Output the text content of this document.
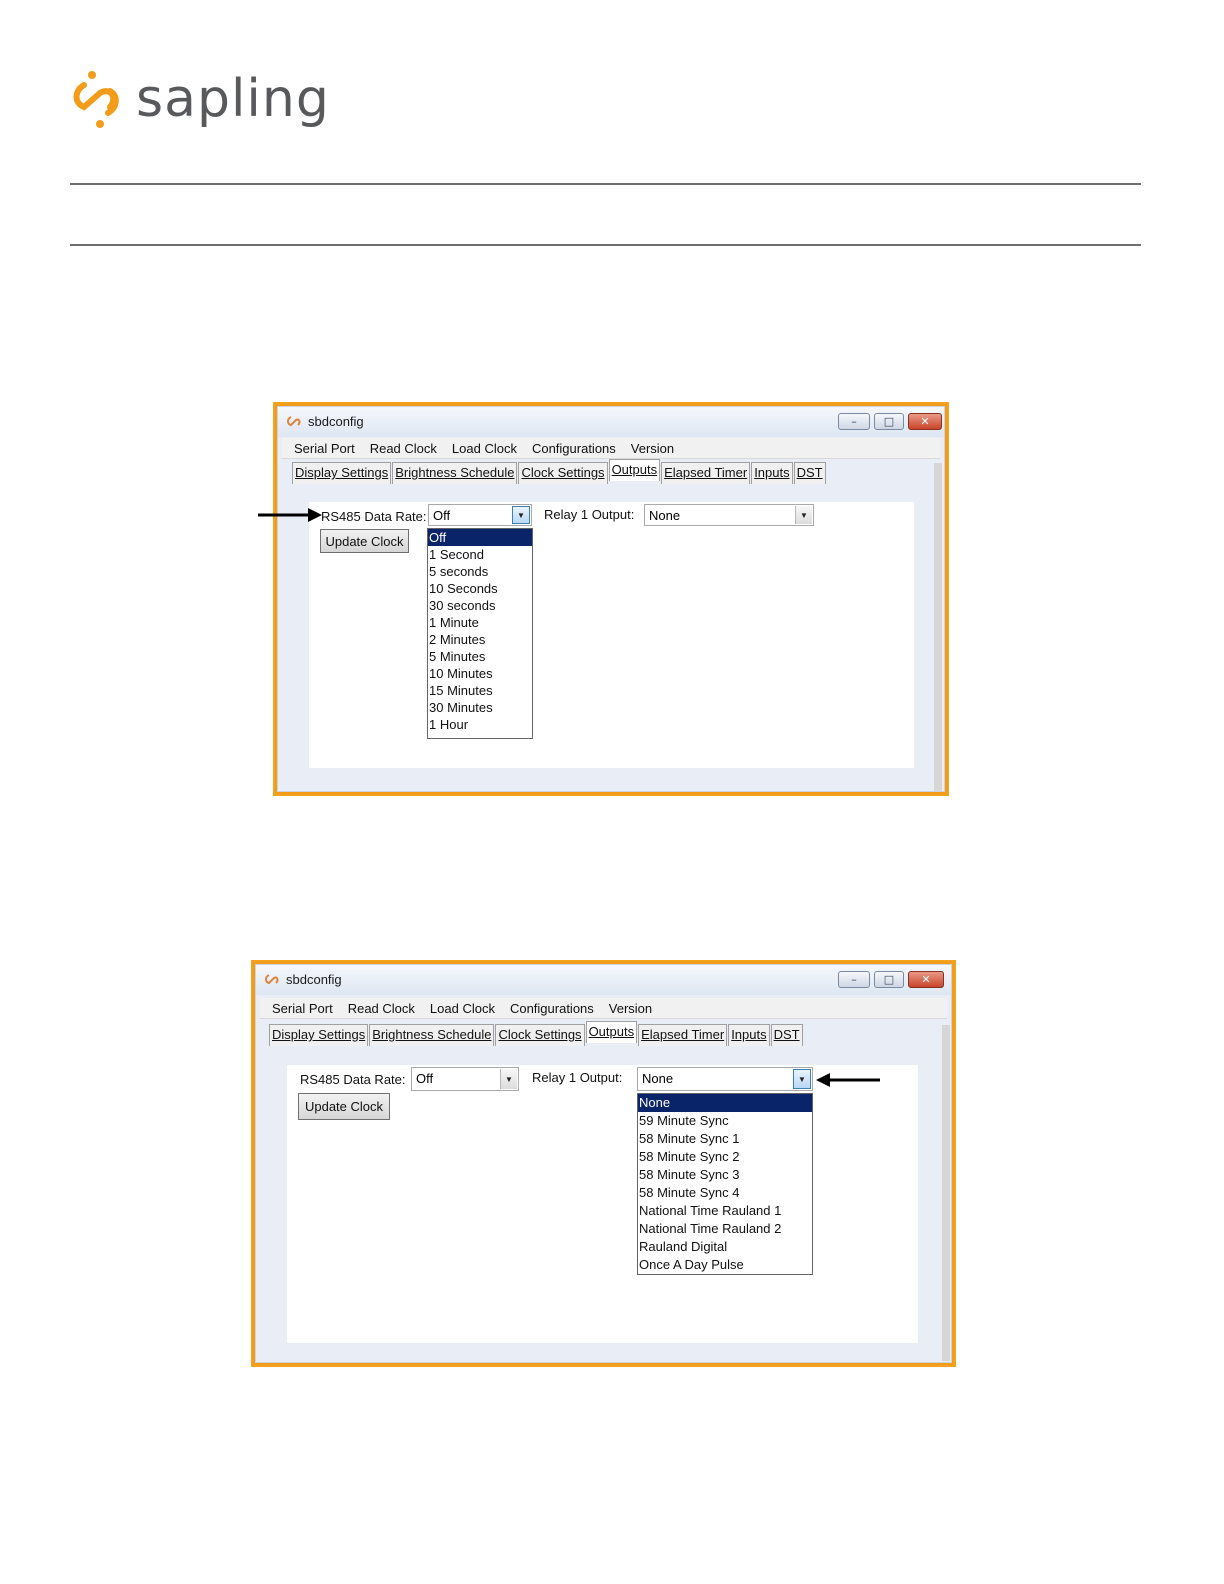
sapling
sbdconfig	–	□	✕
Serial Port Read Clock Load Clock Configurations Version
Display Settings Brightness Schedule Clock Settings Outputs Elapsed Timer Inputs DST
RS485 Data Rate: Off	▼	Relay 1 Output: None	▼
Update Clock	Off
1 Second
5 seconds
10 Seconds
30 seconds
1 Minute
2 Minutes
5 Minutes
10 Minutes
15 Minutes
30 Minutes
1 Hour
sbdconfig	–	□	✕
Serial Port Read Clock Load Clock Configurations Version
Display Settings Brightness Schedule Clock Settings Outputs Elapsed Timer Inputs DST
RS485 Data Rate: Off	▼	Relay 1 Output: None	▼
Update Clock	None
59 Minute Sync
58 Minute Sync 1
58 Minute Sync 2
58 Minute Sync 3
58 Minute Sync 4
National Time Rauland 1
National Time Rauland 2
Rauland Digital
Once A Day Pulse
